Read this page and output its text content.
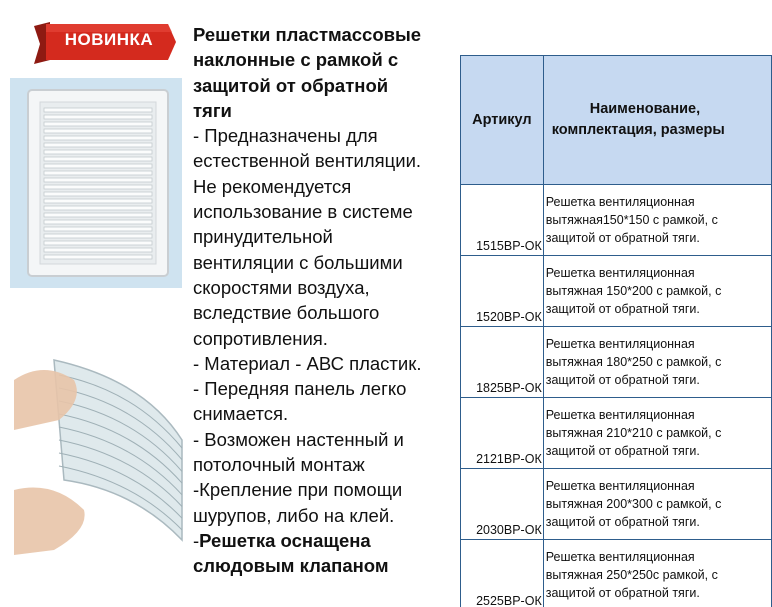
НОВИНКА	Решетки пластмассовые
наклонные с рамкой с
защитой от обратной
тяги
- Предназначены для
естественной вентиляции.
Не рекомендуется
использование в системе
принудительной
вентиляции с большими
скоростями воздуха,
вследствие большого
сопротивления.
- Материал - АВС пластик.
- Передняя панель легко
снимается.
- Возможен настенный и
потолочный монтаж
-Крепление при помощи
шурупов, либо на клей.
-Решетка оснащена
слюдовым клапаном
Артикул	Наименование,
комплектация, размеры

1515ВР-ОК	Решетка вентиляционная
вытяжная150*150 с рамкой, с
защитой от обратной тяги.

1520ВР-ОК	Решетка вентиляционная
вытяжная 150*200 с рамкой, с
защитой от обратной тяги.

1825ВР-ОК	Решетка вентиляционная
вытяжная 180*250 с рамкой, с
защитой от обратной тяги.

2121ВР-ОК	Решетка вентиляционная
вытяжная 210*210 с рамкой, с
защитой от обратной тяги.

2030ВР-ОК	Решетка вентиляционная
вытяжная 200*300 с рамкой, с
защитой от обратной тяги.

2525ВР-ОК	Решетка вентиляционная
вытяжная 250*250с рамкой, с
защитой от обратной тяги.
